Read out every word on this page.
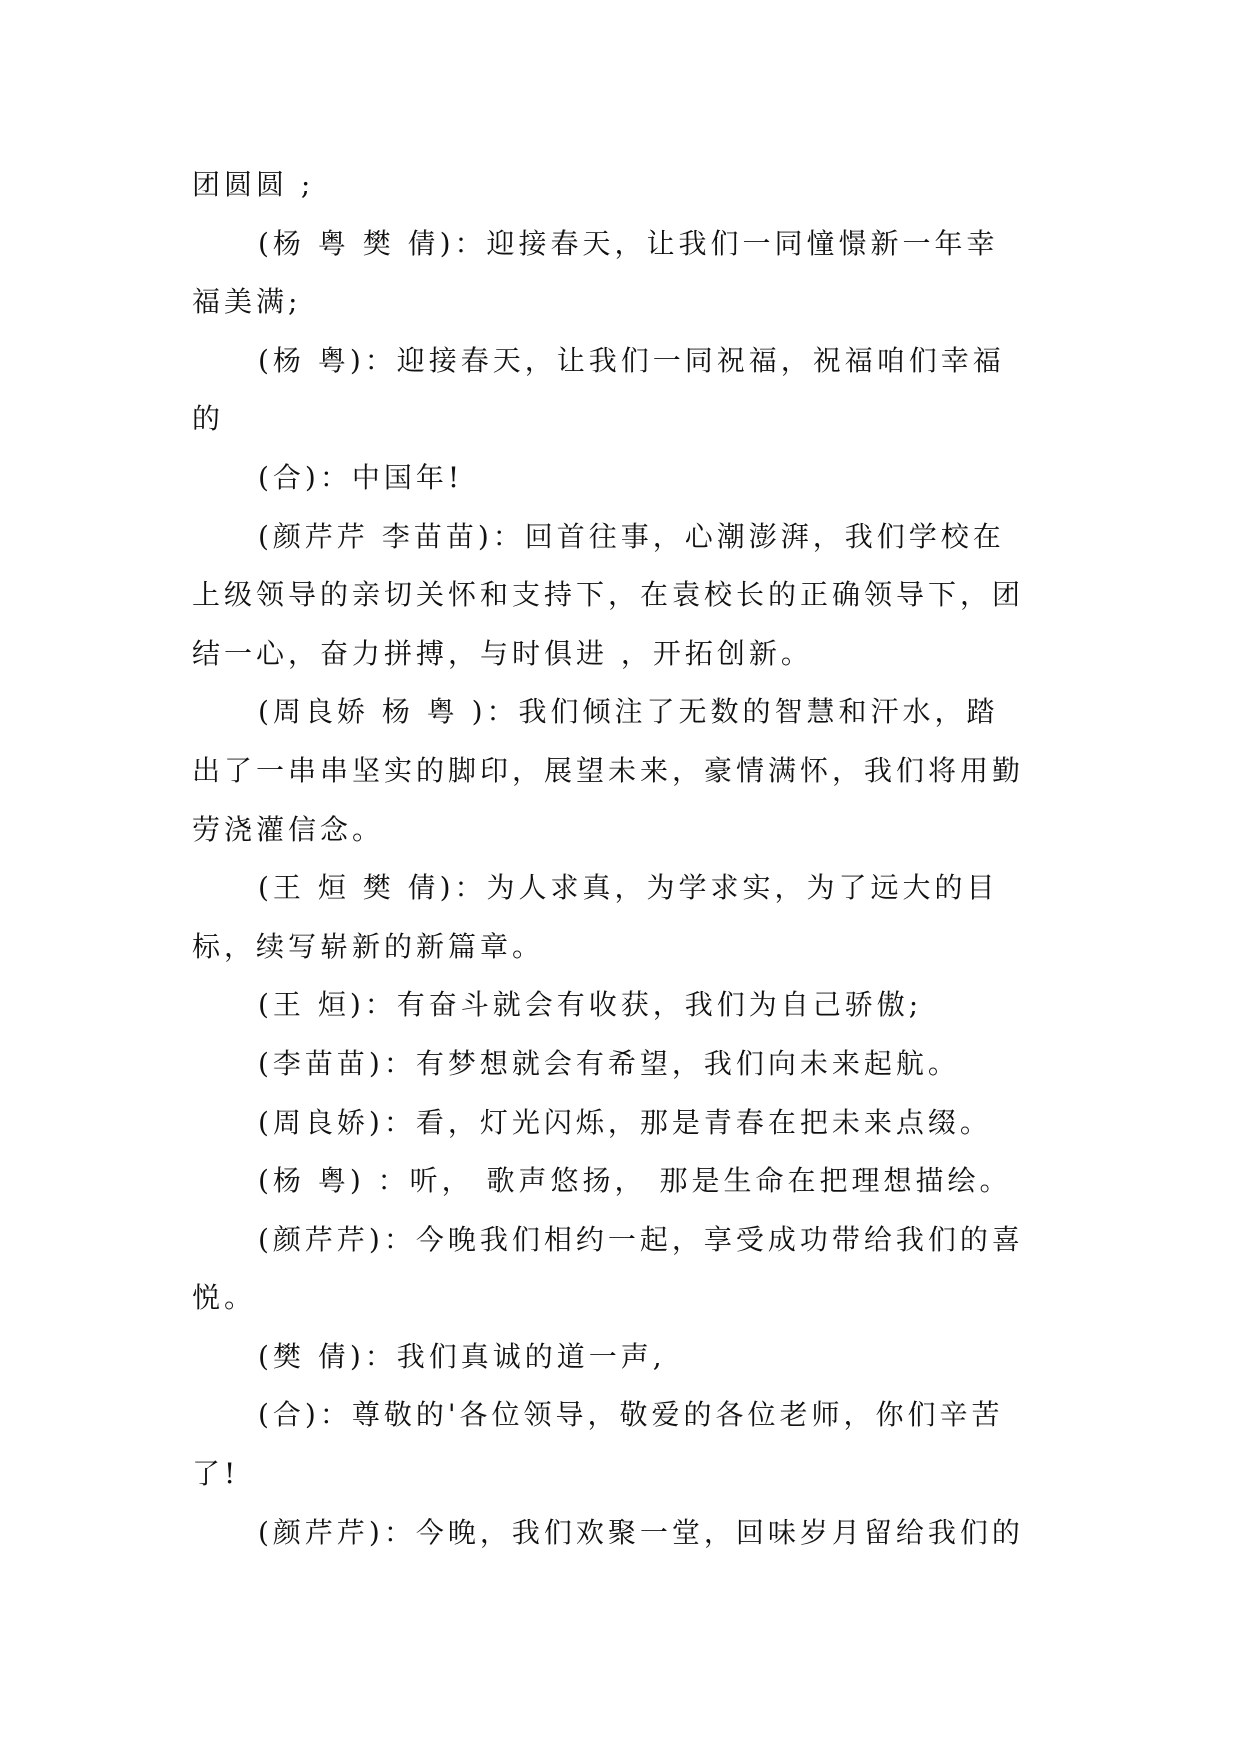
团圆圆 ;
(杨 粤 樊 倩)：迎接春天，让我们一同憧憬新一年幸
福美满;
(杨 粤)：迎接春天，让我们一同祝福，祝福咱们幸福
的
(合)：中国年!
(颜芹芹 李苗苗)：回首往事，心潮澎湃，我们学校在
上级领导的亲切关怀和支持下，在袁校长的正确领导下，团
结一心，奋力拼搏，与时俱进 ，开拓创新。
(周良娇 杨 粤 )：我们倾注了无数的智慧和汗水，踏
出了一串串坚实的脚印，展望未来，豪情满怀，我们将用勤
劳浇灌信念。
(王 烜 樊 倩)：为人求真，为学求实，为了远大的目
标，续写崭新的新篇章。
(王 烜)：有奋斗就会有收获，我们为自己骄傲;
(李苗苗)：有梦想就会有希望，我们向未来起航。
(周良娇)：看，灯光闪烁，那是青春在把未来点缀。
(杨 粤) ：听， 歌声悠扬， 那是生命在把理想描绘。
(颜芹芹)：今晚我们相约一起，享受成功带给我们的喜
悦。
(樊 倩)：我们真诚的道一声,
(合)：尊敬的'各位领导，敬爱的各位老师，你们辛苦
了!
(颜芹芹)：今晚，我们欢聚一堂，回味岁月留给我们的
